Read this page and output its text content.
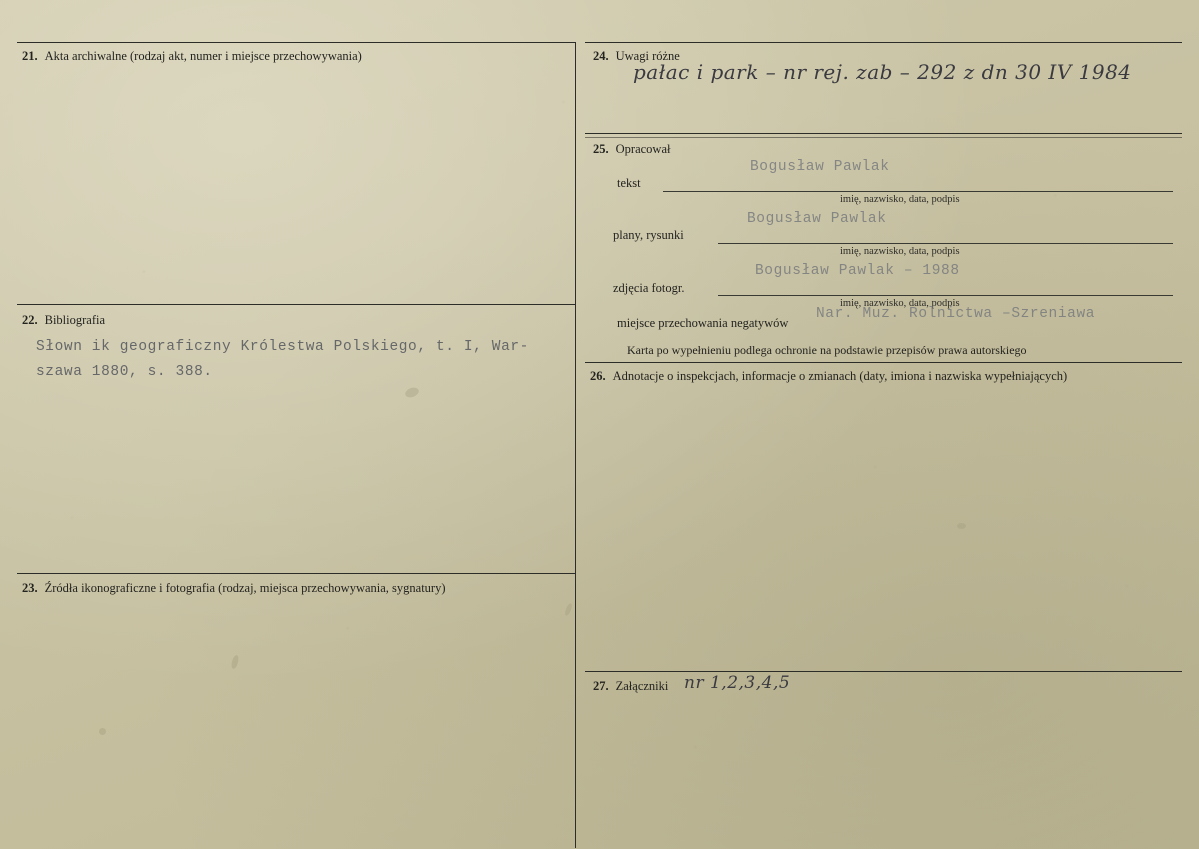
21. Akta archiwalne (rodzaj akt, numer i miejsce przechowywania)
22. Bibliografia
Słown ik geograficzny Królestwa Polskiego, t. I, War-
szawa 1880, s. 388.
23. Źródła ikonograficzne i fotografia (rodzaj, miejsca przechowywania, sygnatury)
24. Uwagi różne
pałac i park – nr rej. zab – 292 z dn 30 IV 1984
25. Opracował
tekst
Bogusław Pawlak
imię, nazwisko, data, podpis
plany, rysunki
Bogusław Pawlak
imię, nazwisko, data, podpis
zdjęcia fotogr.
Bogusław Pawlak – 1988
imię, nazwisko, data, podpis
miejsce przechowania negatywów
Nar. Muz. Rolnictwa –Szreniawa
Karta po wypełnieniu podlega ochronie na podstawie przepisów prawa autorskiego
26. Adnotacje o inspekcjach, informacje o zmianach (daty, imiona i nazwiska wypełniających)
27. Załączniki nr 1,2,3,4,5
